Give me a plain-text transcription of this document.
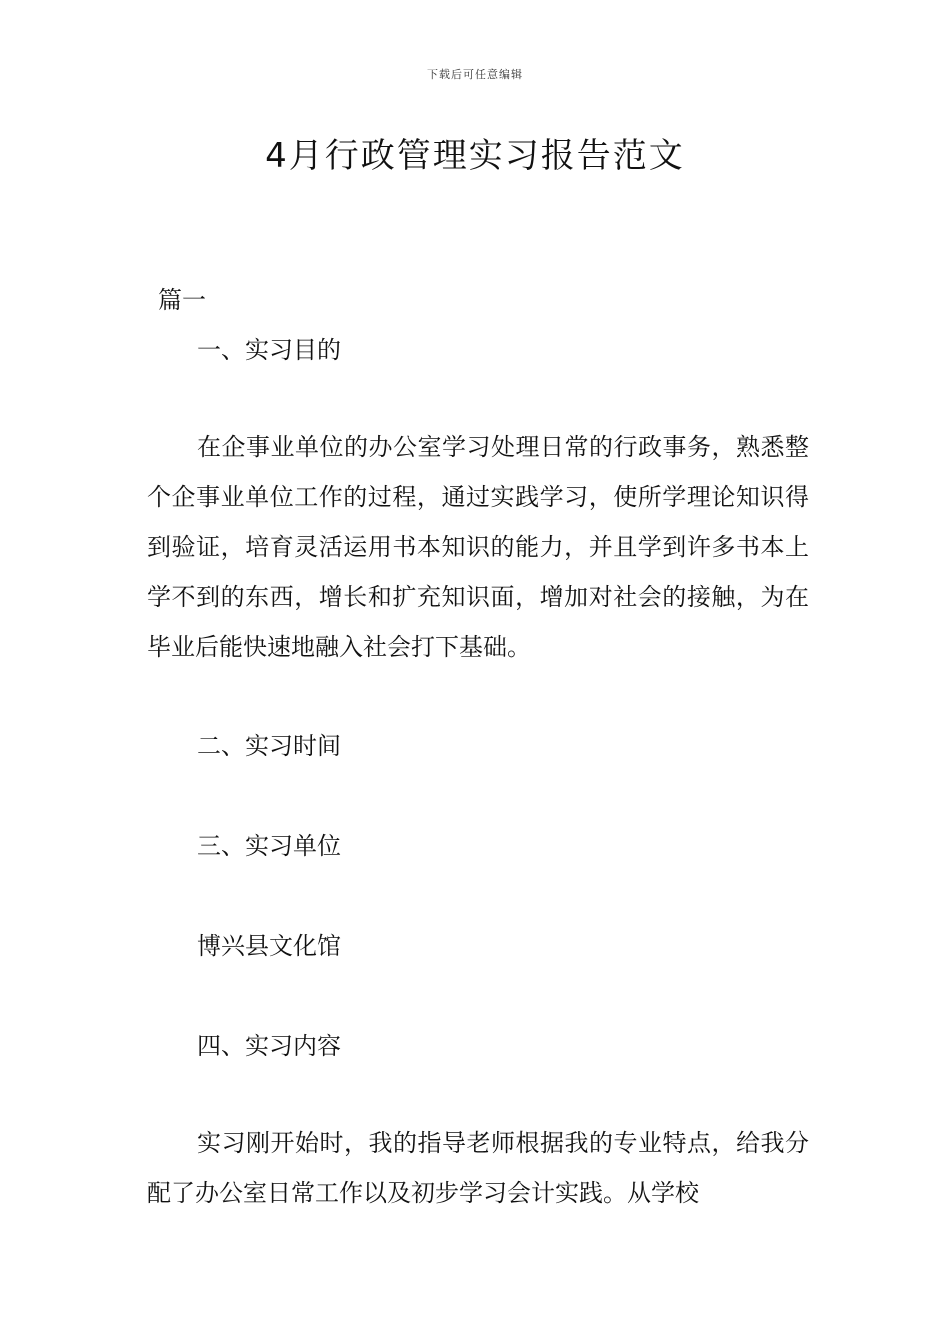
下载后可任意编辑
4月行政管理实习报告范文
篇一
一、实习目的

在企事业单位的办公室学习处理日常的行政事务，熟悉整个企事业单位工作的过程，通过实践学习，使所学理论知识得到验证，培育灵活运用书本知识的能力，并且学到许多书本上学不到的东西，增长和扩充知识面，增加对社会的接触，为在毕业后能快速地融入社会打下基础。

二、实习时间
三、实习单位
博兴县文化馆
四、实习内容

实习刚开始时，我的指导老师根据我的专业特点，给我分配了办公室日常工作以及初步学习会计实践。从学校
